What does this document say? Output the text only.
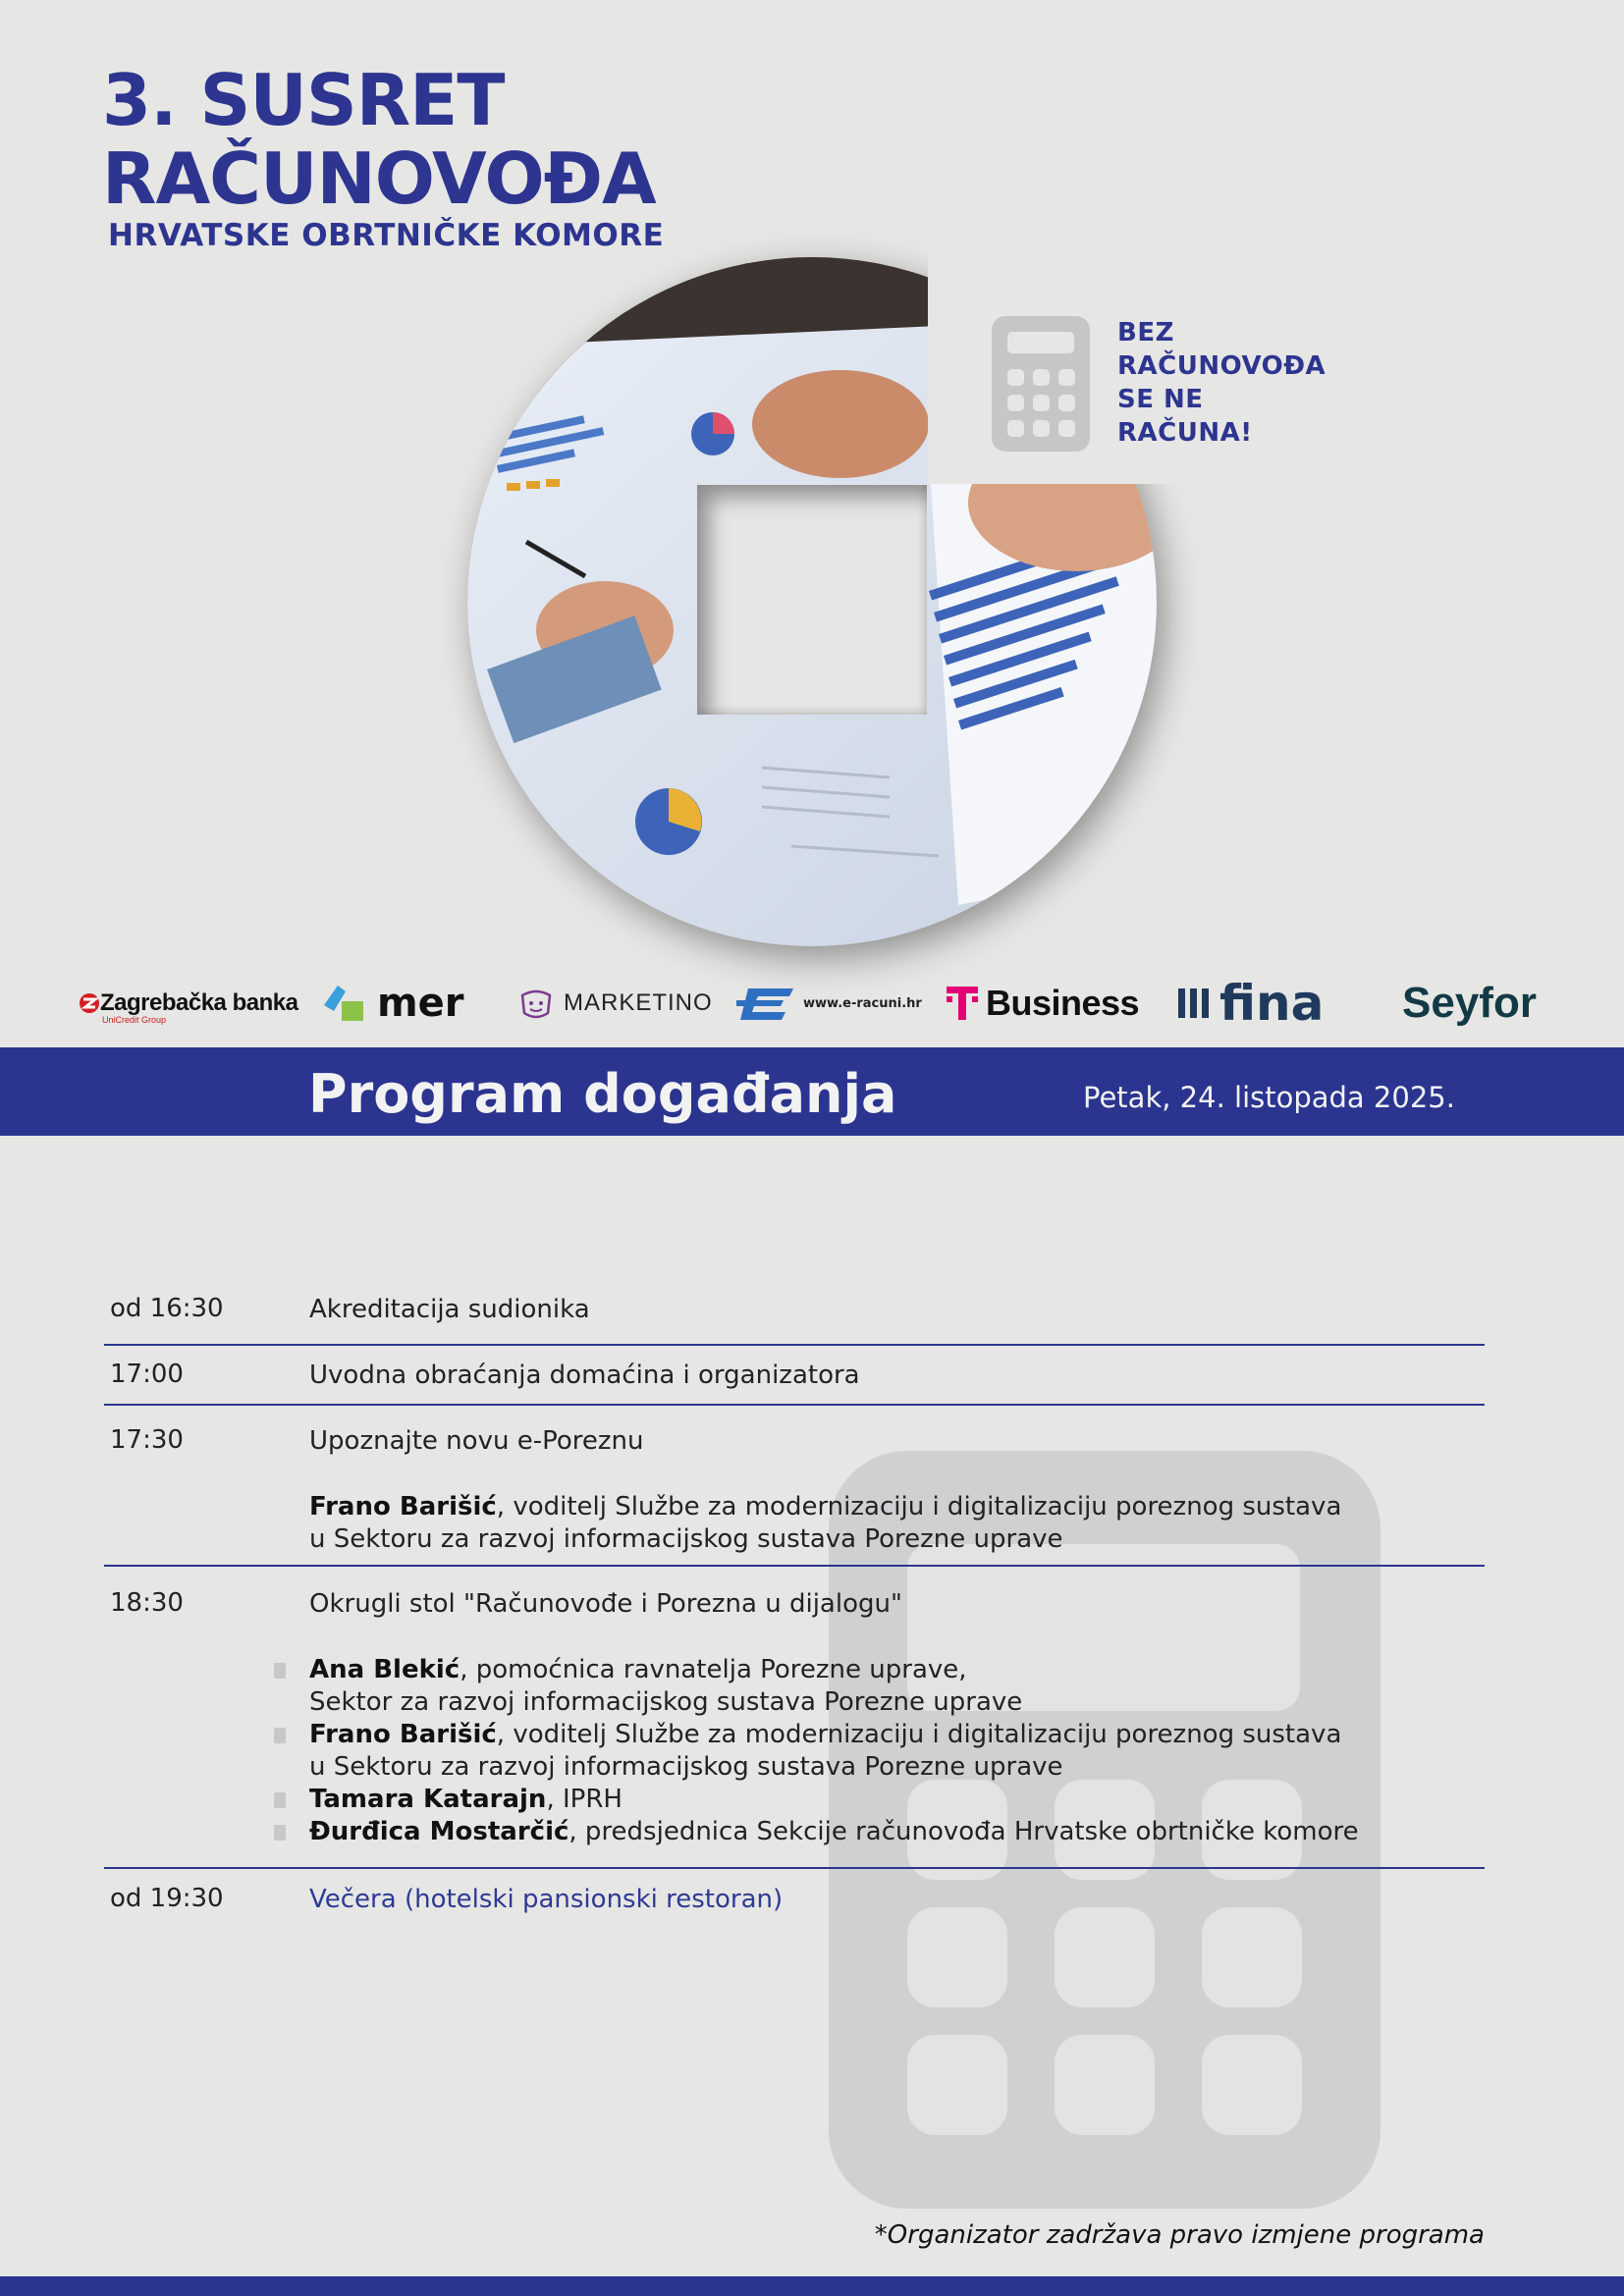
3. SUSRET
RAČUNOVOĐA
HRVATSKE OBRTNIČKE KOMORE
BEZ
RAČUNOVOĐA
SE NE
RAČUNA!
Zagrebačka banka
UniCredit Group	mer	MARKETINO	www.e-racuni.hr Business fina Seyfor
Program događanja	Petak, 24. listopada 2025.
od 16:30	Akreditacija sudionika
17:00	Uvodna obraćanja domaćina i organizatora
17:30	Upoznajte novu e-Poreznu
Frano Barišić, voditelj Službe za modernizaciju i digitalizaciju poreznog sustava
u Sektoru za razvoj informacijskog sustava Porezne uprave
18:30	Okrugli stol "Računovođe i Porezna u dijalogu"
Ana Blekić, pomoćnica ravnatelja Porezne uprave,
Sektor za razvoj informacijskog sustava Porezne uprave
Frano Barišić, voditelj Službe za modernizaciju i digitalizaciju poreznog sustava
u Sektoru za razvoj informacijskog sustava Porezne uprave
Tamara Katarajn, IPRH
Đurđica Mostarčić, predsjednica Sekcije računovođa Hrvatske obrtničke komore
od 19:30	Večera (hotelski pansionski restoran)
*Organizator zadržava pravo izmjene programa
